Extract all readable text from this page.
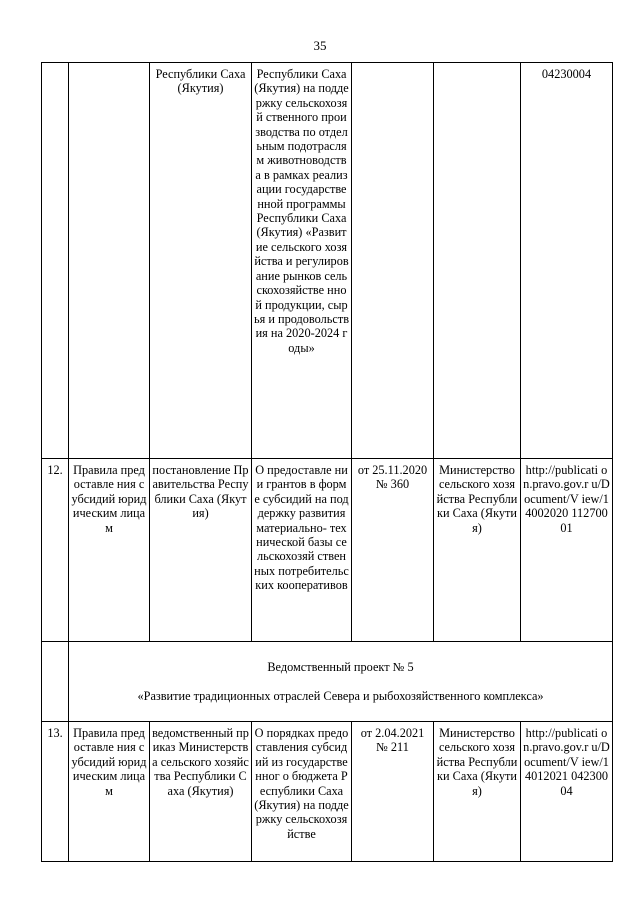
35
		Республики Саха (Якутия)	Республики Саха (Якутия) на поддержку сельскохозяй ственного производства по отдельным подотраслям животноводства в рамках реализации государственной программы Республики Саха (Якутия) «Развитие сельского хозяйства и регулирование рынков сельскохозяйстве нной продукции, сырья и продовольствия на 2020-2024 годы»			04230004
12.	Правила предоставле ния субсидий юридическим лицам	постановление Правительства Республики Саха (Якутия)	О предоставле нии грантов в форме субсидий на поддержку развития материально- технической базы сельскохозяй ственных потребительских кооперативов	от 25.11.2020 № 360	Министерство сельского хозяйства Республики Саха (Якутия)	http://publicati on.pravo.gov.r u/Document/V iew/14002020 11270001

	Ведомственный проект № 5

«Развитие традиционных отраслей Севера и рыбохозяйственного комплекса»					

13.	Правила предоставле ния субсидий юридическим лицам	ведомственный приказ Министерства сельского хозяйства Республики Саха (Якутия)	О порядках предоставления субсидий из государственног о бюджета Республики Саха (Якутия) на поддержку сельскохозяйстве	от 2.04.2021 № 211	Министерство сельского хозяйства Республики Саха (Якутия)	http://publicati on.pravo.gov.r u/Document/V iew/14012021 04230004
